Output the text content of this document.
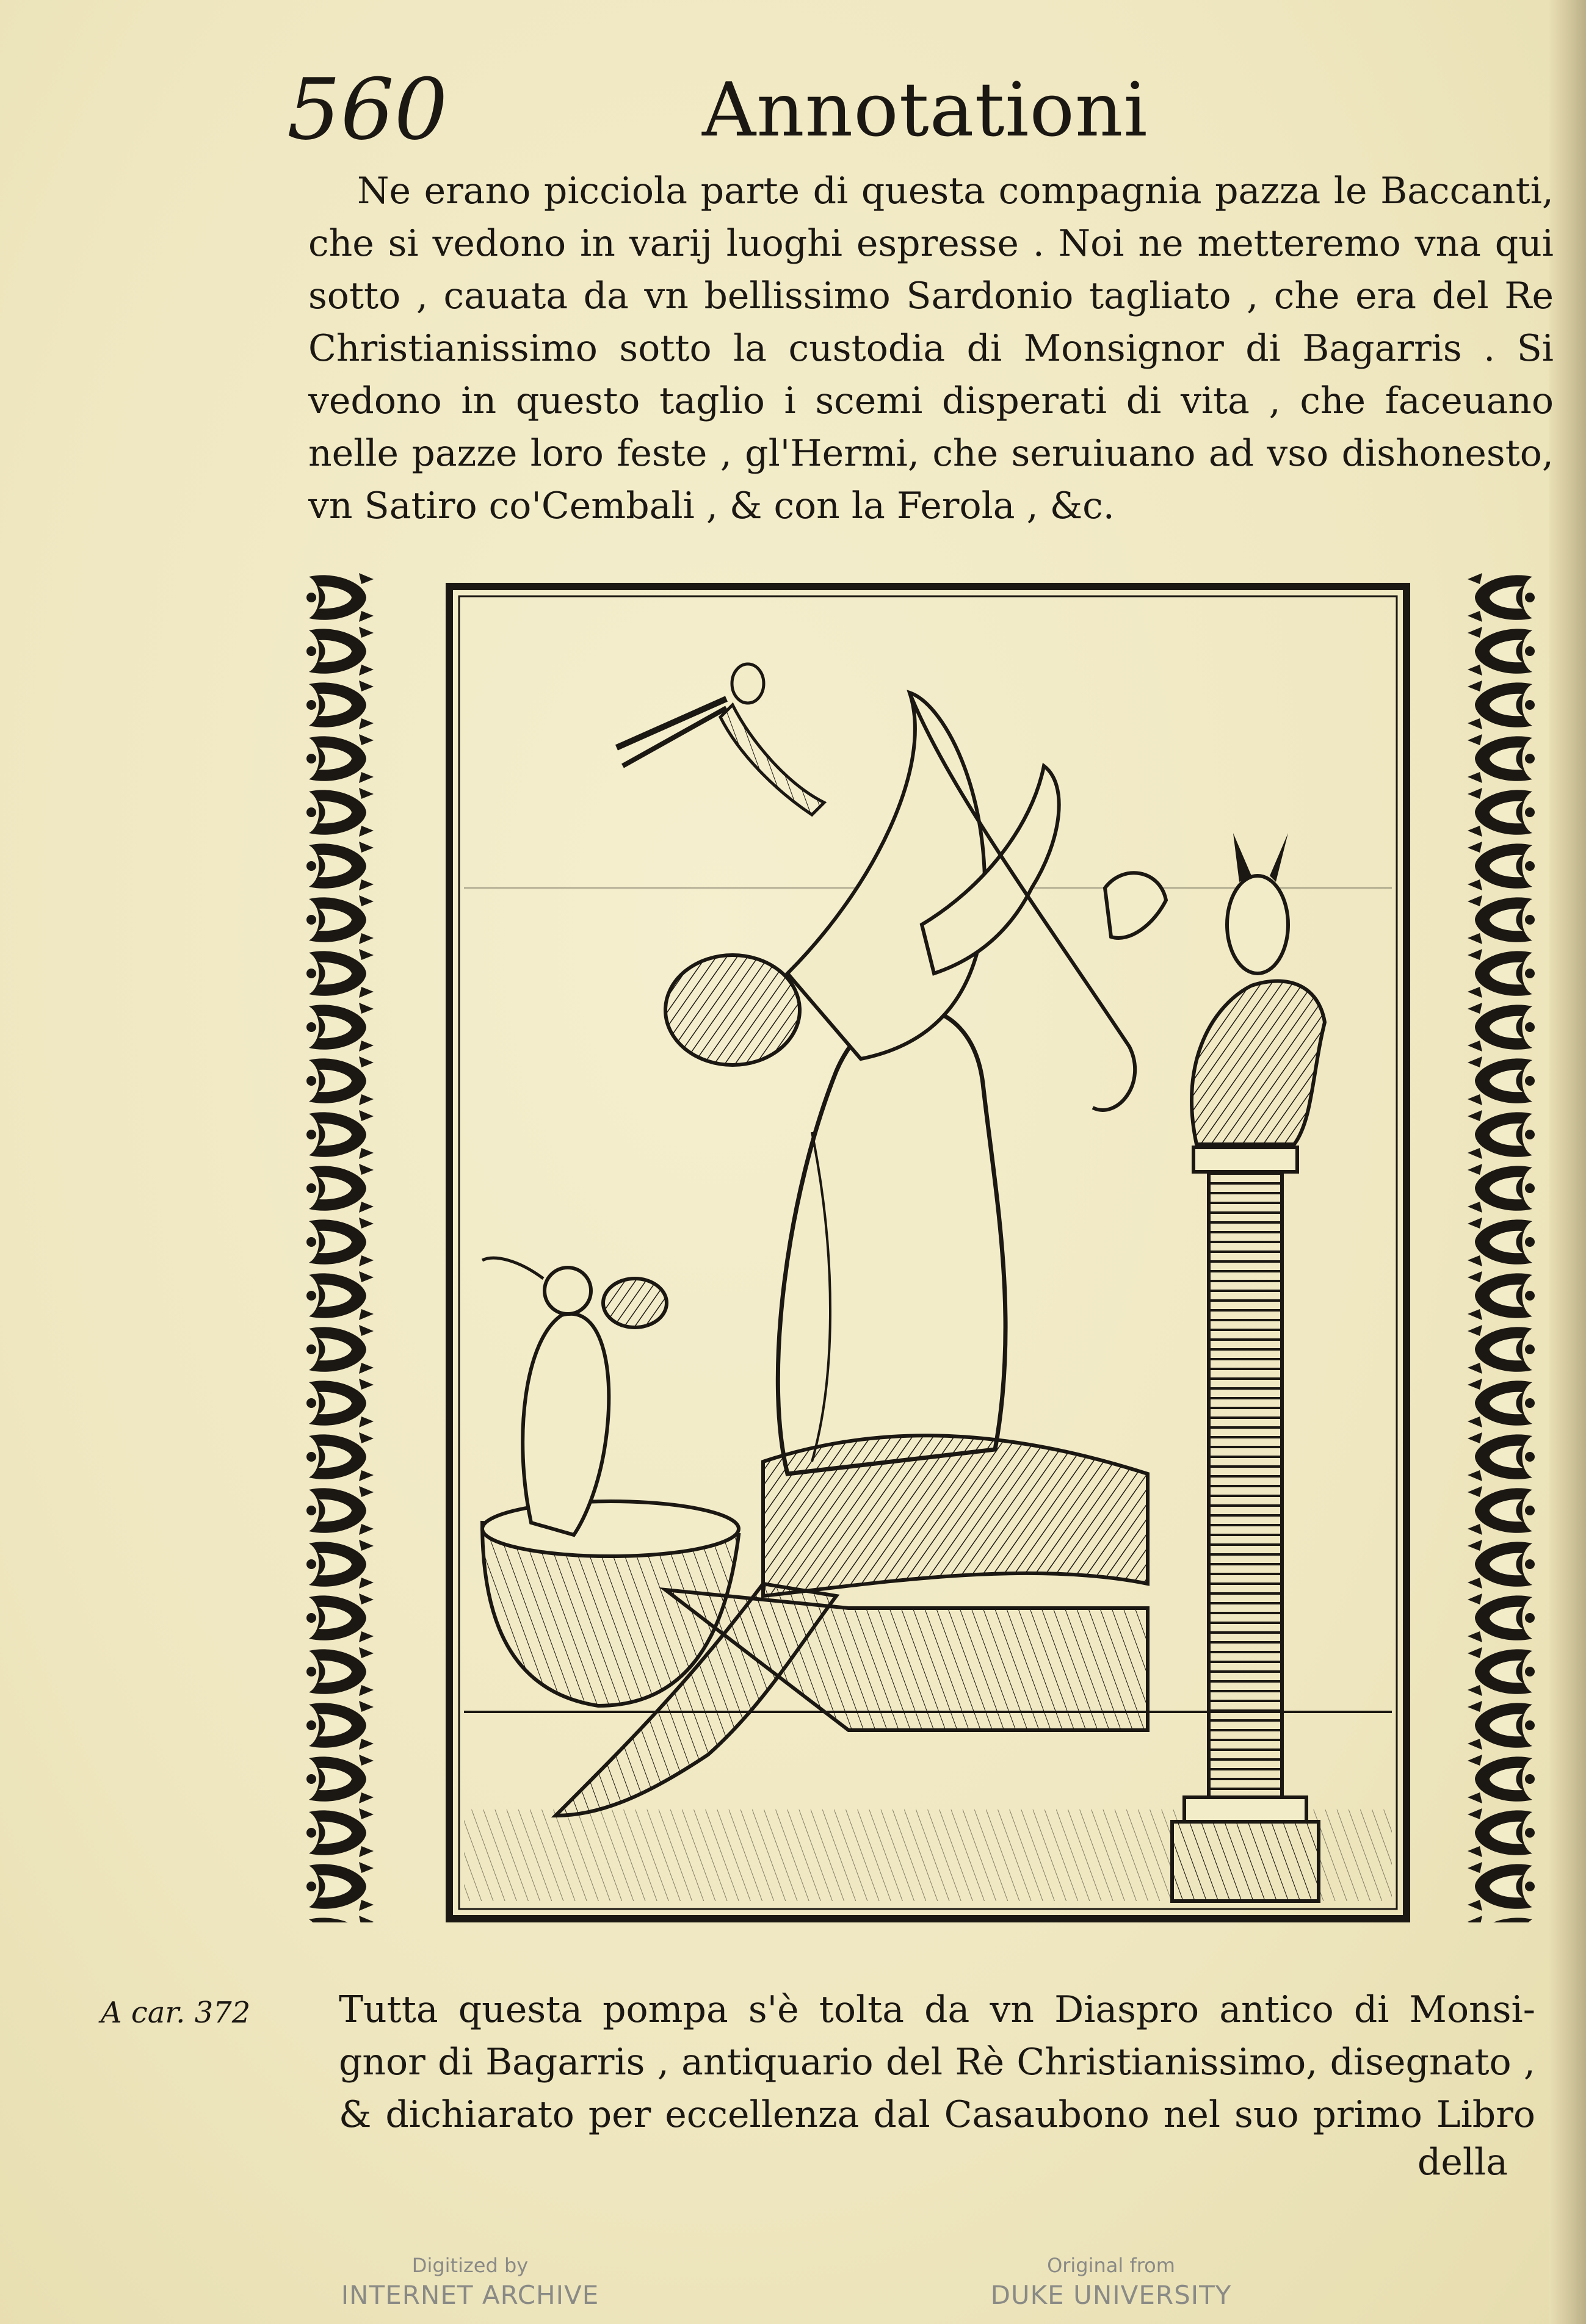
560	Annotationi

Ne erano picciola parte di questa compagnia pazza le Baccanti,
che si vedono in varij luoghi espresse . Noi ne metteremo vna qui
sotto , cauata da vn bellissimo Sardonio tagliato , che era del Re
Christianissimo sotto la custodia di Monsignor di Bagarris . Si
vedono in questo taglio i scemi disperati di vita , che faceuano
nelle pazze loro feste , gl'Hermi, che seruiuano ad vso dishonesto,
vn Satiro co'Cembali , & con la Ferola , &c.

A car. 372	Tutta questa pompa s'è tolta da vn Diaspro antico di Monsi-
gnor di Bagarris , antiquario del Rè Christianissimo, disegnato ,
& dichiarato per eccellenza dal Casaubono nel suo primo Libro

della
Digitized by
INTERNET ARCHIVE
Original from
DUKE UNIVERSITY
